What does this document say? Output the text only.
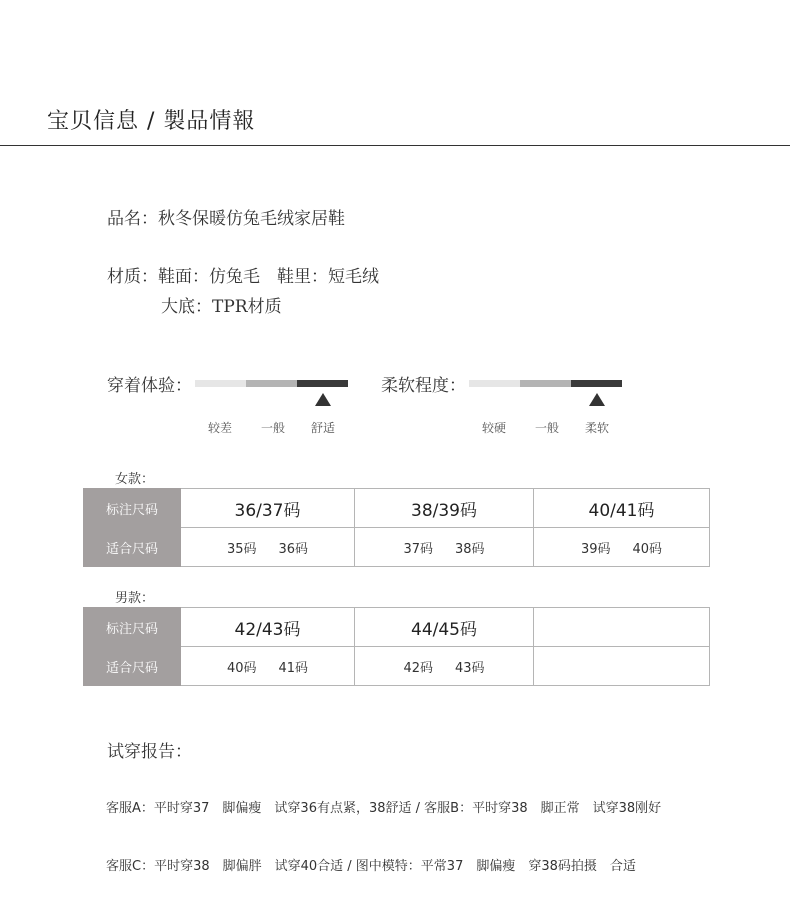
宝贝信息 / 製品情報
品名：秋冬保暖仿兔毛绒家居鞋
材质：鞋面：仿兔毛　鞋里：短毛绒
大底：TPR材质
穿着体验：
较差	一般	舒适
柔软程度：
较硬	一般	柔软
女款：
标注尺码	36/37码	38/39码	40/41码
适合尺码	35码 36码	37码 38码	39码 40码
男款：
标注尺码	42/43码	44/45码	
适合尺码	40码 41码	42码 43码	

试穿报告：
客服A：平时穿37　脚偏瘦　试穿36有点紧，38舒适 / 客服B：平时穿38　脚正常　试穿38刚好
客服C：平时穿38　脚偏胖　试穿40合适 / 图中模特：平常37　脚偏瘦　穿38码拍摄　合适
